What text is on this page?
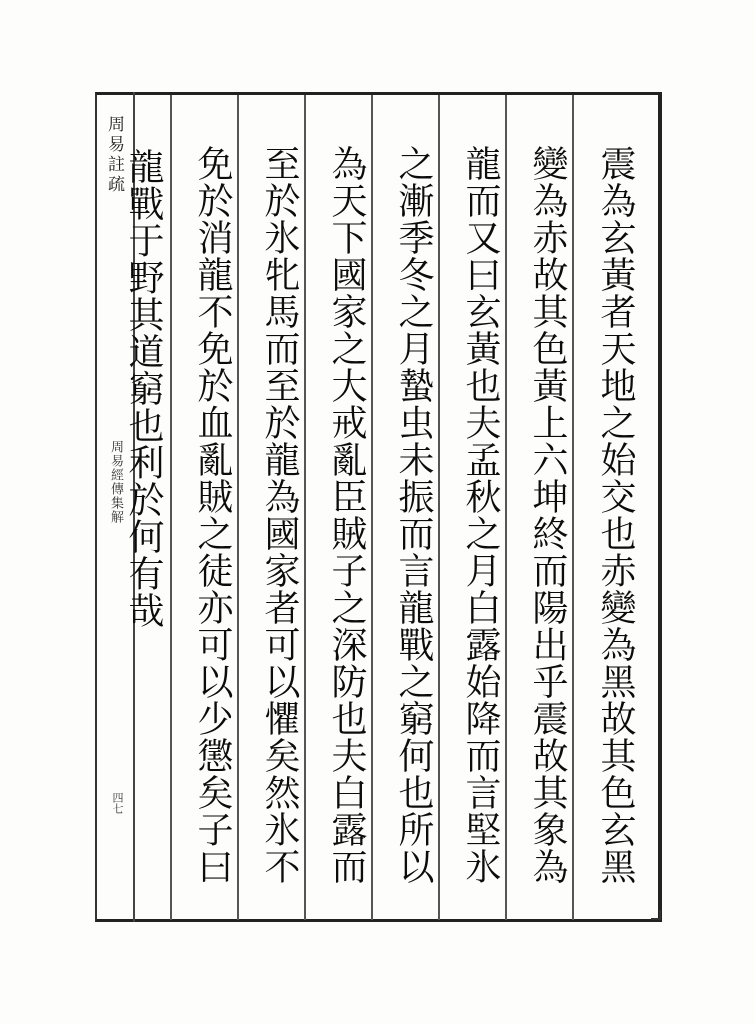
周易註疏
周易經傳集解
四七	震為玄黃者天地之始交也赤變為黑故其色玄黑
變為赤故其色黃上六坤終而陽出乎震故其象為
龍而又曰玄黃也夫孟秋之月白露始降而言堅氷
之漸季冬之月蟄虫未振而言龍戰之窮何也所以
為天下國家之大戒亂臣賊子之深防也夫白露而
至於氷牝馬而至於龍為國家者可以懼矣然氷不
免於消龍不免於血亂賊之徒亦可以少懲矣子曰
龍戰于野其道窮也利於何有哉
